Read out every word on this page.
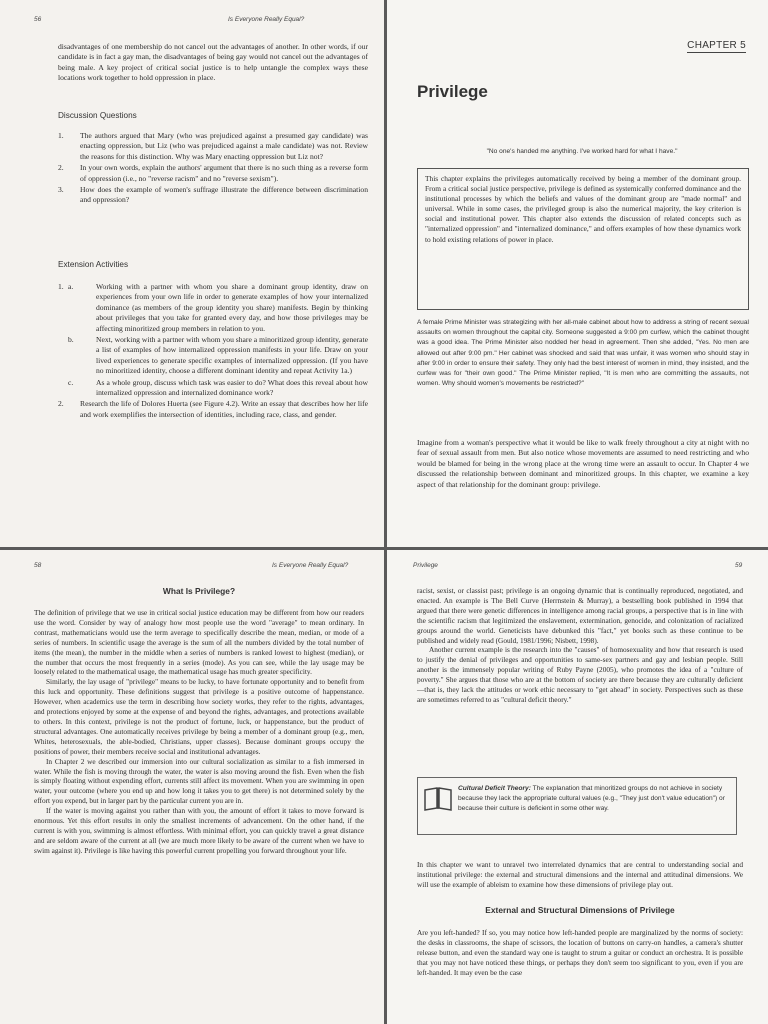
56	Is Everyone Really Equal?
disadvantages of one membership do not cancel out the advantages of another. In other words, if our candidate is in fact a gay man, the disadvantages of being gay would not cancel out the advantages of being male. A key project of critical social justice is to help untangle the complex ways these locations work together to hold oppression in place.
Discussion Questions
1. The authors argued that Mary (who was prejudiced against a presumed gay candidate) was enacting oppression, but Liz (who was prejudiced against a male candidate) was not. Review the reasons for this distinction. Why was Mary enacting oppression but Liz not?
2. In your own words, explain the authors' argument that there is no such thing as a reverse form of oppression (i.e., no "reverse racism" and no "reverse sexism").
3. How does the example of women's suffrage illustrate the difference between discrimination and oppression?
Extension Activities
1. a.	Working with a partner with whom you share a dominant group identity, draw on experiences from your own life in order to generate examples of how your internalized dominance (as members of the group identity you share) manifests. Begin by thinking about privileges that you take for granted every day, and how those privileges may be affecting minoritized group members in relation to you.
b.	Next, working with a partner with whom you share a minoritized group identity, generate a list of examples of how internalized oppression manifests in your life. Draw on your lived experiences to generate specific examples of internalized oppression. (If you have no minoritized identity, choose a different dominant identity and repeat Activity 1a.)
c.	As a whole group, discuss which task was easier to do? What does this reveal about how internalized oppression and internalized dominance work?
2. Research the life of Dolores Huerta (see Figure 4.2). Write an essay that describes how her life and work exemplifies the intersection of identities, including race, class, and gender.
CHAPTER 5
Privilege
"No one's handed me anything. I've worked hard for what I have."
This chapter explains the privileges automatically received by being a member of the dominant group. From a critical social justice perspective, privilege is defined as systemically conferred dominance and the institutional processes by which the beliefs and values of the dominant group are "made normal" and universal. While in some cases, the privileged group is also the numerical majority, the key criterion is social and institutional power. This chapter also extends the discussion of related concepts such as "internalized oppression" and "internalized dominance," and offers examples of how these dynamics work to hold existing relations of power in place.
A female Prime Minister was strategizing with her all-male cabinet about how to address a string of recent sexual assaults on women throughout the capital city. Someone suggested a 9:00 pm curfew, which the cabinet thought was a good idea. The Prime Minister also nodded her head in agreement. Then she added, "Yes. No men are allowed out after 9:00 pm." Her cabinet was shocked and said that was unfair, it was women who should stay in after 9:00 in order to ensure their safety. They only had the best interest of women in mind, they insisted, and the curfew was for "their own good." The Prime Minister replied, "It is men who are committing the assaults, not women. Why should women's movements be restricted?"
Imagine from a woman's perspective what it would be like to walk freely throughout a city at night with no fear of sexual assault from men. But also notice whose movements are assumed to need restricting and who would be blamed for being in the wrong place at the wrong time were an assault to occur. In Chapter 4 we discussed the relationship between dominant and minoritized groups. In this chapter, we examine a key aspect of that relationship for the dominant group: privilege.
58	Is Everyone Really Equal?
What Is Privilege?

The definition of privilege that we use in critical social justice education may be different from how our readers use the word. Consider by way of analogy how most people use the word "average" to mean ordinary. In contrast, mathematicians would use the term average to specifically describe the mean, median, or mode of a series of numbers. In scientific usage the average is the sum of all the numbers divided by the total number of items (the mean), the number in the middle when a series of numbers is ranked lowest to highest (median), or the number that occurs the most frequently in a series (mode). As you can see, while the lay usage may be loosely related to the mathematical usage, the mathematical usage has much greater specificity.

Similarly, the lay usage of "privilege" means to be lucky, to have fortunate opportunity and to benefit from this luck and opportunity. These definitions suggest that privilege is a positive outcome of happenstance. However, when academics use the term in describing how society works, they refer to the rights, advantages, and protections enjoyed by some at the expense of and beyond the rights, advantages, and protections available to others. In this context, privilege is not the product of fortune, luck, or happenstance, but the product of structural advantages. One automatically receives privilege by being a member of a dominant group (e.g., men, Whites, heterosexuals, the able-bodied, Christians, upper classes). Because dominant groups occupy the positions of power, their members receive social and institutional advantages.

In Chapter 2 we described our immersion into our cultural socialization as similar to a fish immersed in water. While the fish is moving through the water, the water is also moving around the fish. Even when the fish is simply floating without expending effort, currents still affect its movement. When you are swimming in open water, your outcome (where you end up and how long it takes you to get there) is not determined solely by the effort you expend, but in larger part by the particular current you are in.

If the water is moving against you rather than with you, the amount of effort it takes to move forward is enormous. Yet this effort results in only the smallest increments of advancement. On the other hand, if the current is with you, swimming is almost effortless. With minimal effort, you can quickly travel a great distance and are seldom aware of the current at all (we are much more likely to be aware of the current when we have to swim against it). Privilege is like having this powerful current propelling you forward throughout your life.

Privilege	59

racist, sexist, or classist past; privilege is an ongoing dynamic that is continually reproduced, negotiated, and enacted. An example is The Bell Curve (Herrnstein & Murray), a bestselling book published in 1994 that argued that there were genetic differences in intelligence among racial groups, a perspective that is in line with the scientific racism that legitimized the enslavement, extermination, genocide, and colonization of racialized groups around the world. Geneticists have debunked this "fact," yet books such as these continue to be published and widely read (Gould, 1981/1996; Nisbett, 1998).

Another current example is the research into the "causes" of homosexuality and how that research is used to justify the denial of privileges and opportunities to same-sex partners and gay and lesbian people. Still another is the immensely popular writing of Ruby Payne (2005), who promotes the idea of a "culture of poverty." She argues that those who are at the bottom of society are there because they are culturally deficient—that is, they lack the attitudes or work ethic necessary to "get ahead" in society. Perspectives such as these are sometimes referred to as "cultural deficit theory."

Cultural Deficit Theory: The explanation that minoritized groups do not achieve in society because they lack the appropriate cultural values (e.g., "They just don't value education") or because their culture is deficient in some other way.
In this chapter we want to unravel two interrelated dynamics that are central to understanding social and institutional privilege: the external and structural dimensions and the internal and attitudinal dimensions. We will use the example of ableism to examine how these dimensions of privilege play out.
External and Structural Dimensions of Privilege
Are you left-handed? If so, you may notice how left-handed people are marginalized by the norms of society: the desks in classrooms, the shape of scissors, the location of buttons on carry-on handles, a camera's shutter release button, and even the standard way one is taught to strum a guitar or conduct an orchestra. It is possible that you may not have noticed these things, or perhaps they don't seem too significant to you, even if you are left-handed. It may even be the case
